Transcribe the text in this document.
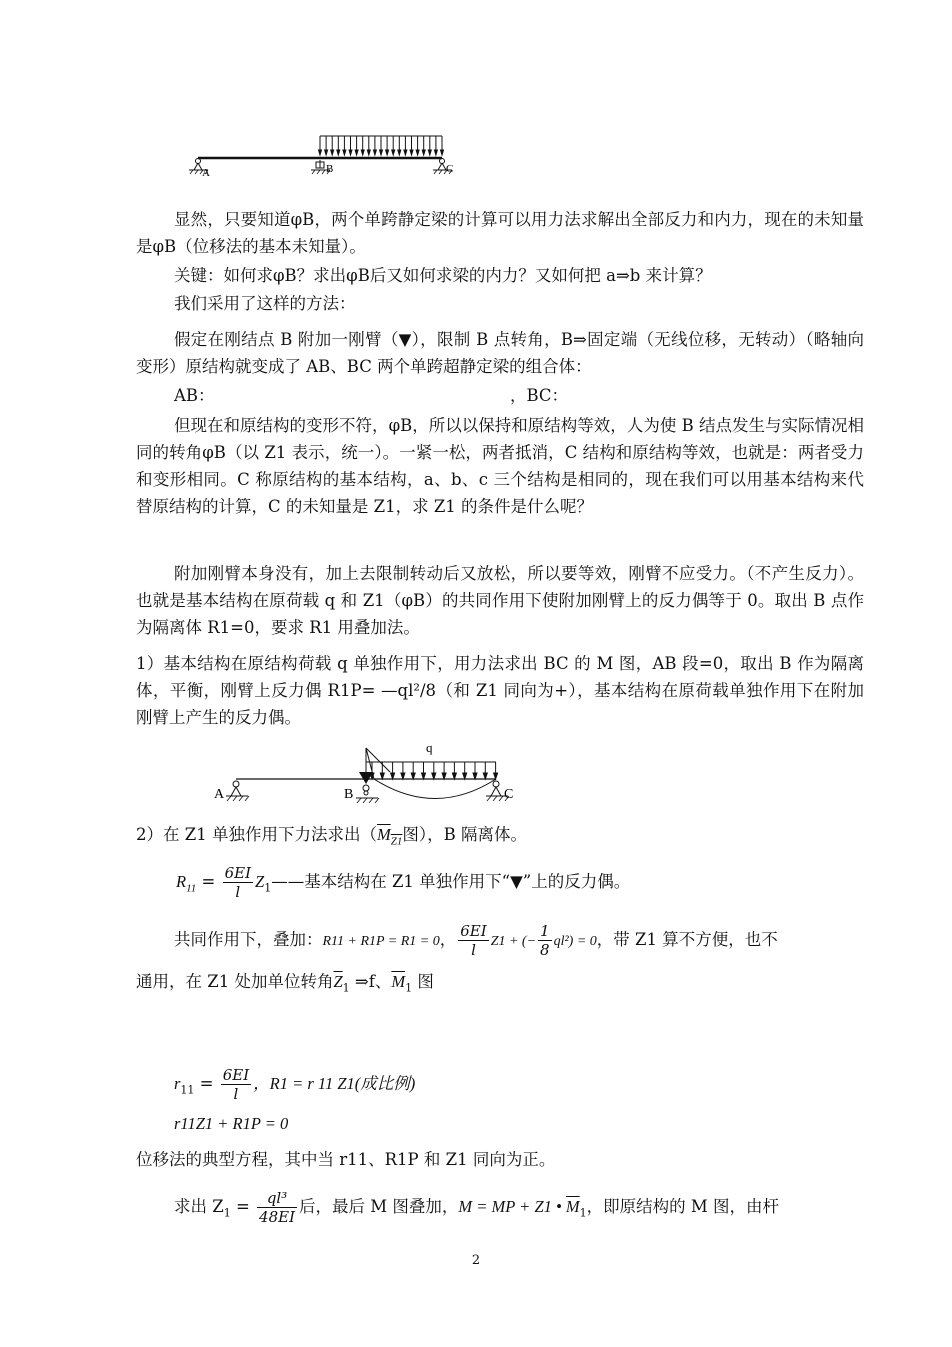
A	B	C
显然，只要知道φB，两个单跨静定梁的计算可以用力法求解出全部反力和内力，现在的未知量是φB（位移法的基本未知量）。
关键：如何求φB？求出φB后又如何求梁的内力？又如何把 a⇒b 来计算？
我们采用了这样的方法：
假定在刚结点 B 附加一刚臂（▼），限制 B 点转角，B⇒固定端（无线位移，无转动）（略轴向变形）原结构就变成了 AB、BC 两个单跨超静定梁的组合体：
AB：	，BC：
但现在和原结构的变形不符，φB，所以以保持和原结构等效，人为使 B 结点发生与实际情况相同的转角φB（以 Z1 表示，统一）。一紧一松，两者抵消，C 结构和原结构等效，也就是：两者受力和变形相同。C 称原结构的基本结构，a、b、c 三个结构是相同的，现在我们可以用基本结构来代替原结构的计算，C 的未知量是 Z1，求 Z1 的条件是什么呢？
附加刚臂本身没有，加上去限制转动后又放松，所以要等效，刚臂不应受力。（不产生反力）。也就是基本结构在原荷载 q 和 Z1（φB）的共同作用下使附加刚臂上的反力偶等于 0。取出 B 点作为隔离体 R1=0，要求 R1 用叠加法。
1）基本结构在原结构荷载 q 单独作用下，用力法求出 BC 的 M 图，AB 段=0，取出 B 作为隔离体，平衡，刚臂上反力偶 R1P= —ql²/8（和 Z1 同向为+），基本结构在原荷载单独作用下在附加刚臂上产生的反力偶。
q
A	B	C
2）在 Z1 单独作用下力法求出（$M_{Z1}$图），B 隔离体。
$R_{11} = \frac{6EI}{l}$ $Z_1——$基本结构在 Z1 单独作用下“▼”上的反力偶。
共同作用下，叠加：R11 + R1P = R1 = 0， $\frac{6EI}{l} Z1$ + (− $\frac{1}{8} ql^2) = 0$，带 Z1 算不方便，也不
通用，在 Z1 处加单位转角$\overline{Z}_1$ ⇒f、$\overline{M}_1$ 图
$r_{11} = \frac{6EI}{l}$ ，R1 = r 11 Z1(成比例)
r11Z1 + R1P = 0
位移法的典型方程，其中当 r11、R1P 和 Z1 同向为正。
求出 $Z_1 = \frac{\text{ql³}}{48EI}$ 后，最后 M 图叠加，M = MP + Z1 • $\overline{M}_1$，即原结构的 M 图，由杆
2
